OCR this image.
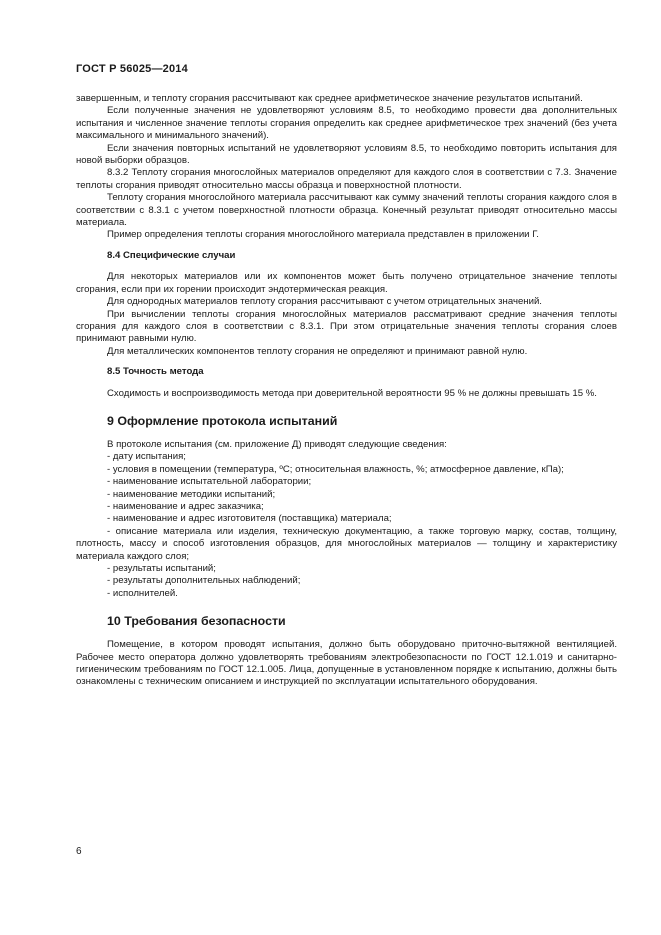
ГОСТ Р 56025—2014

завершенным, и теплоту сгорания рассчитывают как среднее арифметическое значение результатов испытаний.

Если полученные значения не удовлетворяют условиям 8.5, то необходимо провести два дополнительных испытания и численное значение теплоты сгорания определить как среднее арифметическое трех значений (без учета максимального и минимального значений).

Если значения повторных испытаний не удовлетворяют условиям 8.5, то необходимо повторить испытания для новой выборки образцов.

8.3.2 Теплоту сгорания многослойных материалов определяют для каждого слоя в соответствии с 7.3. Значение теплоты сгорания приводят относительно массы образца и поверхностной плотности.

Теплоту сгорания многослойного материала рассчитывают как сумму значений теплоты сгорания каждого слоя в соответствии с 8.3.1 с учетом поверхностной плотности образца. Конечный результат приводят относительно массы материала.

Пример определения теплоты сгорания многослойного материала представлен в приложении Г.

8.4 Специфические случаи

Для некоторых материалов или их компонентов может быть получено отрицательное значение теплоты сгорания, если при их горении происходит эндотермическая реакция.

Для однородных материалов теплоту сгорания рассчитывают с учетом отрицательных значений.

При вычислении теплоты сгорания многослойных материалов рассматривают средние значения теплоты сгорания для каждого слоя в соответствии с 8.3.1. При этом отрицательные значения теплоты сгорания слоев принимают равными нулю.

Для металлических компонентов теплоту сгорания не определяют и принимают равной нулю.

8.5 Точность метода

Сходимость и воспроизводимость метода при доверительной вероятности 95 % не должны превышать 15 %.

9 Оформление протокола испытаний

В протоколе испытания (см. приложение Д) приводят следующие сведения:

- дату испытания;

- условия в помещении (температура, ºC; относительная влажность, %; атмосферное давление, кПа);

- наименование испытательной лаборатории;

- наименование методики испытаний;

- наименование и адрес заказчика;

- наименование и адрес изготовителя (поставщика) материала;

- описание материала или изделия, техническую документацию, а также торговую марку, состав, толщину, плотность, массу и способ изготовления образцов, для многослойных материалов — толщину и характеристику материала каждого слоя;

- результаты испытаний;

- результаты дополнительных наблюдений;

- исполнителей.

10 Требования безопасности

Помещение, в котором проводят испытания, должно быть оборудовано приточно-вытяжной вентиляцией. Рабочее место оператора должно удовлетворять требованиям электробезопасности по ГОСТ 12.1.019 и санитарно-гигиеническим требованиям по ГОСТ 12.1.005. Лица, допущенные в установленном порядке к испытанию, должны быть ознакомлены с техническим описанием и инструкцией по эксплуатации испытательного оборудования.

6
